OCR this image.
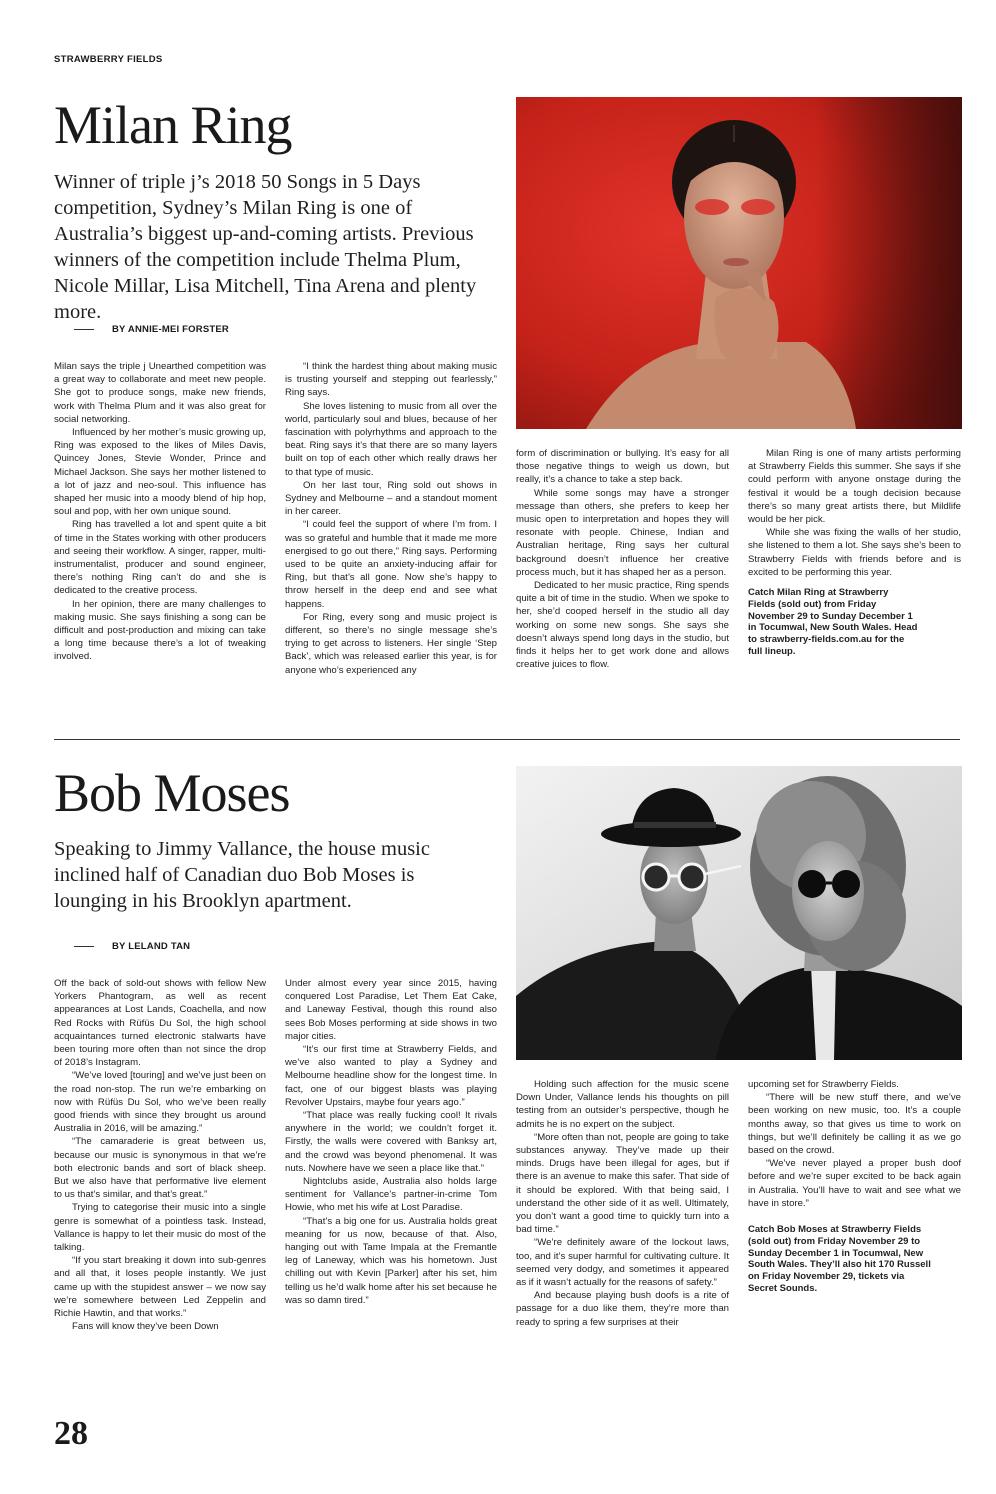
STRAWBERRY FIELDS
Milan Ring

Winner of triple j’s 2018 50 Songs in 5 Days competition, Sydney’s Milan Ring is one of Australia’s biggest up-and-coming artists. Previous winners of the competition include Thelma Plum, Nicole Millar, Lisa Mitchell, Tina Arena and plenty more.

BY ANNIE-MEI FORSTER

Milan says the triple j Unearthed competition was a great way to collaborate and meet new people. She got to produce songs, make new friends, work with Thelma Plum and it was also great for social networking.

Influenced by her mother’s music growing up, Ring was exposed to the likes of Miles Davis, Quincey Jones, Stevie Wonder, Prince and Michael Jackson. She says her mother listened to a lot of jazz and neo-soul. This influence has shaped her music into a moody blend of hip hop, soul and pop, with her own unique sound.

Ring has travelled a lot and spent quite a bit of time in the States working with other producers and seeing their workflow. A singer, rapper, multi-instrumentalist, producer and sound engineer, there’s nothing Ring can’t do and she is dedicated to the creative process.

In her opinion, there are many challenges to making music. She says finishing a song can be difficult and post-production and mixing can take a long time because there’s a lot of tweaking involved.

“I think the hardest thing about making music is trusting yourself and stepping out fearlessly,” Ring says.

She loves listening to music from all over the world, particularly soul and blues, because of her fascination with polyrhythms and approach to the beat. Ring says it’s that there are so many layers built on top of each other which really draws her to that type of music.

On her last tour, Ring sold out shows in Sydney and Melbourne – and a standout moment in her career.

“I could feel the support of where I’m from. I was so grateful and humble that it made me more energised to go out there,” Ring says. Performing used to be quite an anxiety-inducing affair for Ring, but that’s all gone. Now she’s happy to throw herself in the deep end and see what happens.

For Ring, every song and music project is different, so there’s no single message she’s trying to get across to listeners. Her single ‘Step Back’, which was released earlier this year, is for anyone who’s experienced any

form of discrimination or bullying. It’s easy for all those negative things to weigh us down, but really, it’s a chance to take a step back.

While some songs may have a stronger message than others, she prefers to keep her music open to interpretation and hopes they will resonate with people. Chinese, Indian and Australian heritage, Ring says her cultural background doesn’t influence her creative process much, but it has shaped her as a person.

Dedicated to her music practice, Ring spends quite a bit of time in the studio. When we spoke to her, she’d cooped herself in the studio all day working on some new songs. She says she doesn’t always spend long days in the studio, but finds it helps her to get work done and allows creative juices to flow.

Milan Ring is one of many artists performing at Strawberry Fields this summer. She says if she could perform with anyone onstage during the festival it would be a tough decision because there’s so many great artists there, but Mildlife would be her pick.

While she was fixing the walls of her studio, she listened to them a lot. She says she’s been to Strawberry Fields with friends before and is excited to be performing this year.

Catch Milan Ring at Strawberry Fields (sold out) from Friday November 29 to Sunday December 1 in Tocumwal, New South Wales. Head to strawberry-fields.com.au for the full lineup.

Bob Moses

Speaking to Jimmy Vallance, the house music inclined half of Canadian duo Bob Moses is lounging in his Brooklyn apartment.

BY LELAND TAN

Off the back of sold-out shows with fellow New Yorkers Phantogram, as well as recent appearances at Lost Lands, Coachella, and now Red Rocks with Rüfüs Du Sol, the high school acquaintances turned electronic stalwarts have been touring more often than not since the drop of 2018’s Instagram.

“We’ve loved [touring] and we’ve just been on the road non-stop. The run we’re embarking on now with Rüfüs Du Sol, who we’ve been really good friends with since they brought us around Australia in 2016, will be amazing.”

“The camaraderie is great between us, because our music is synonymous in that we’re both electronic bands and sort of black sheep. But we also have that performative live element to us that’s similar, and that’s great.”

Trying to categorise their music into a single genre is somewhat of a pointless task. Instead, Vallance is happy to let their music do most of the talking.

“If you start breaking it down into sub-genres and all that, it loses people instantly. We just came up with the stupidest answer – we now say we’re somewhere between Led Zeppelin and Richie Hawtin, and that works.”

Fans will know they’ve been Down

Under almost every year since 2015, having conquered Lost Paradise, Let Them Eat Cake, and Laneway Festival, though this round also sees Bob Moses performing at side shows in two major cities.

“It’s our first time at Strawberry Fields, and we’ve also wanted to play a Sydney and Melbourne headline show for the longest time. In fact, one of our biggest blasts was playing Revolver Upstairs, maybe four years ago.”

“That place was really fucking cool! It rivals anywhere in the world; we couldn’t forget it. Firstly, the walls were covered with Banksy art, and the crowd was beyond phenomenal. It was nuts. Nowhere have we seen a place like that.”

Nightclubs aside, Australia also holds large sentiment for Vallance’s partner-in-crime Tom Howie, who met his wife at Lost Paradise.

“That’s a big one for us. Australia holds great meaning for us now, because of that. Also, hanging out with Tame Impala at the Fremantle leg of Laneway, which was his hometown. Just chilling out with Kevin [Parker] after his set, him telling us he’d walk home after his set because he was so damn tired.”

Holding such affection for the music scene Down Under, Vallance lends his thoughts on pill testing from an outsider’s perspective, though he admits he is no expert on the subject.

“More often than not, people are going to take substances anyway. They’ve made up their minds. Drugs have been illegal for ages, but if there is an avenue to make this safer. That side of it should be explored. With that being said, I understand the other side of it as well. Ultimately, you don’t want a good time to quickly turn into a bad time.”

“We’re definitely aware of the lockout laws, too, and it’s super harmful for cultivating culture. It seemed very dodgy, and sometimes it appeared as if it wasn’t actually for the reasons of safety.”

And because playing bush doofs is a rite of passage for a duo like them, they’re more than ready to spring a few surprises at their

upcoming set for Strawberry Fields.

“There will be new stuff there, and we’ve been working on new music, too. It’s a couple months away, so that gives us time to work on things, but we’ll definitely be calling it as we go based on the crowd.

“We’ve never played a proper bush doof before and we’re super excited to be back again in Australia. You’ll have to wait and see what we have in store.”

Catch Bob Moses at Strawberry Fields (sold out) from Friday November 29 to Sunday December 1 in Tocumwal, New South Wales. They’ll also hit 170 Russell on Friday November 29, tickets via Secret Sounds.

28
